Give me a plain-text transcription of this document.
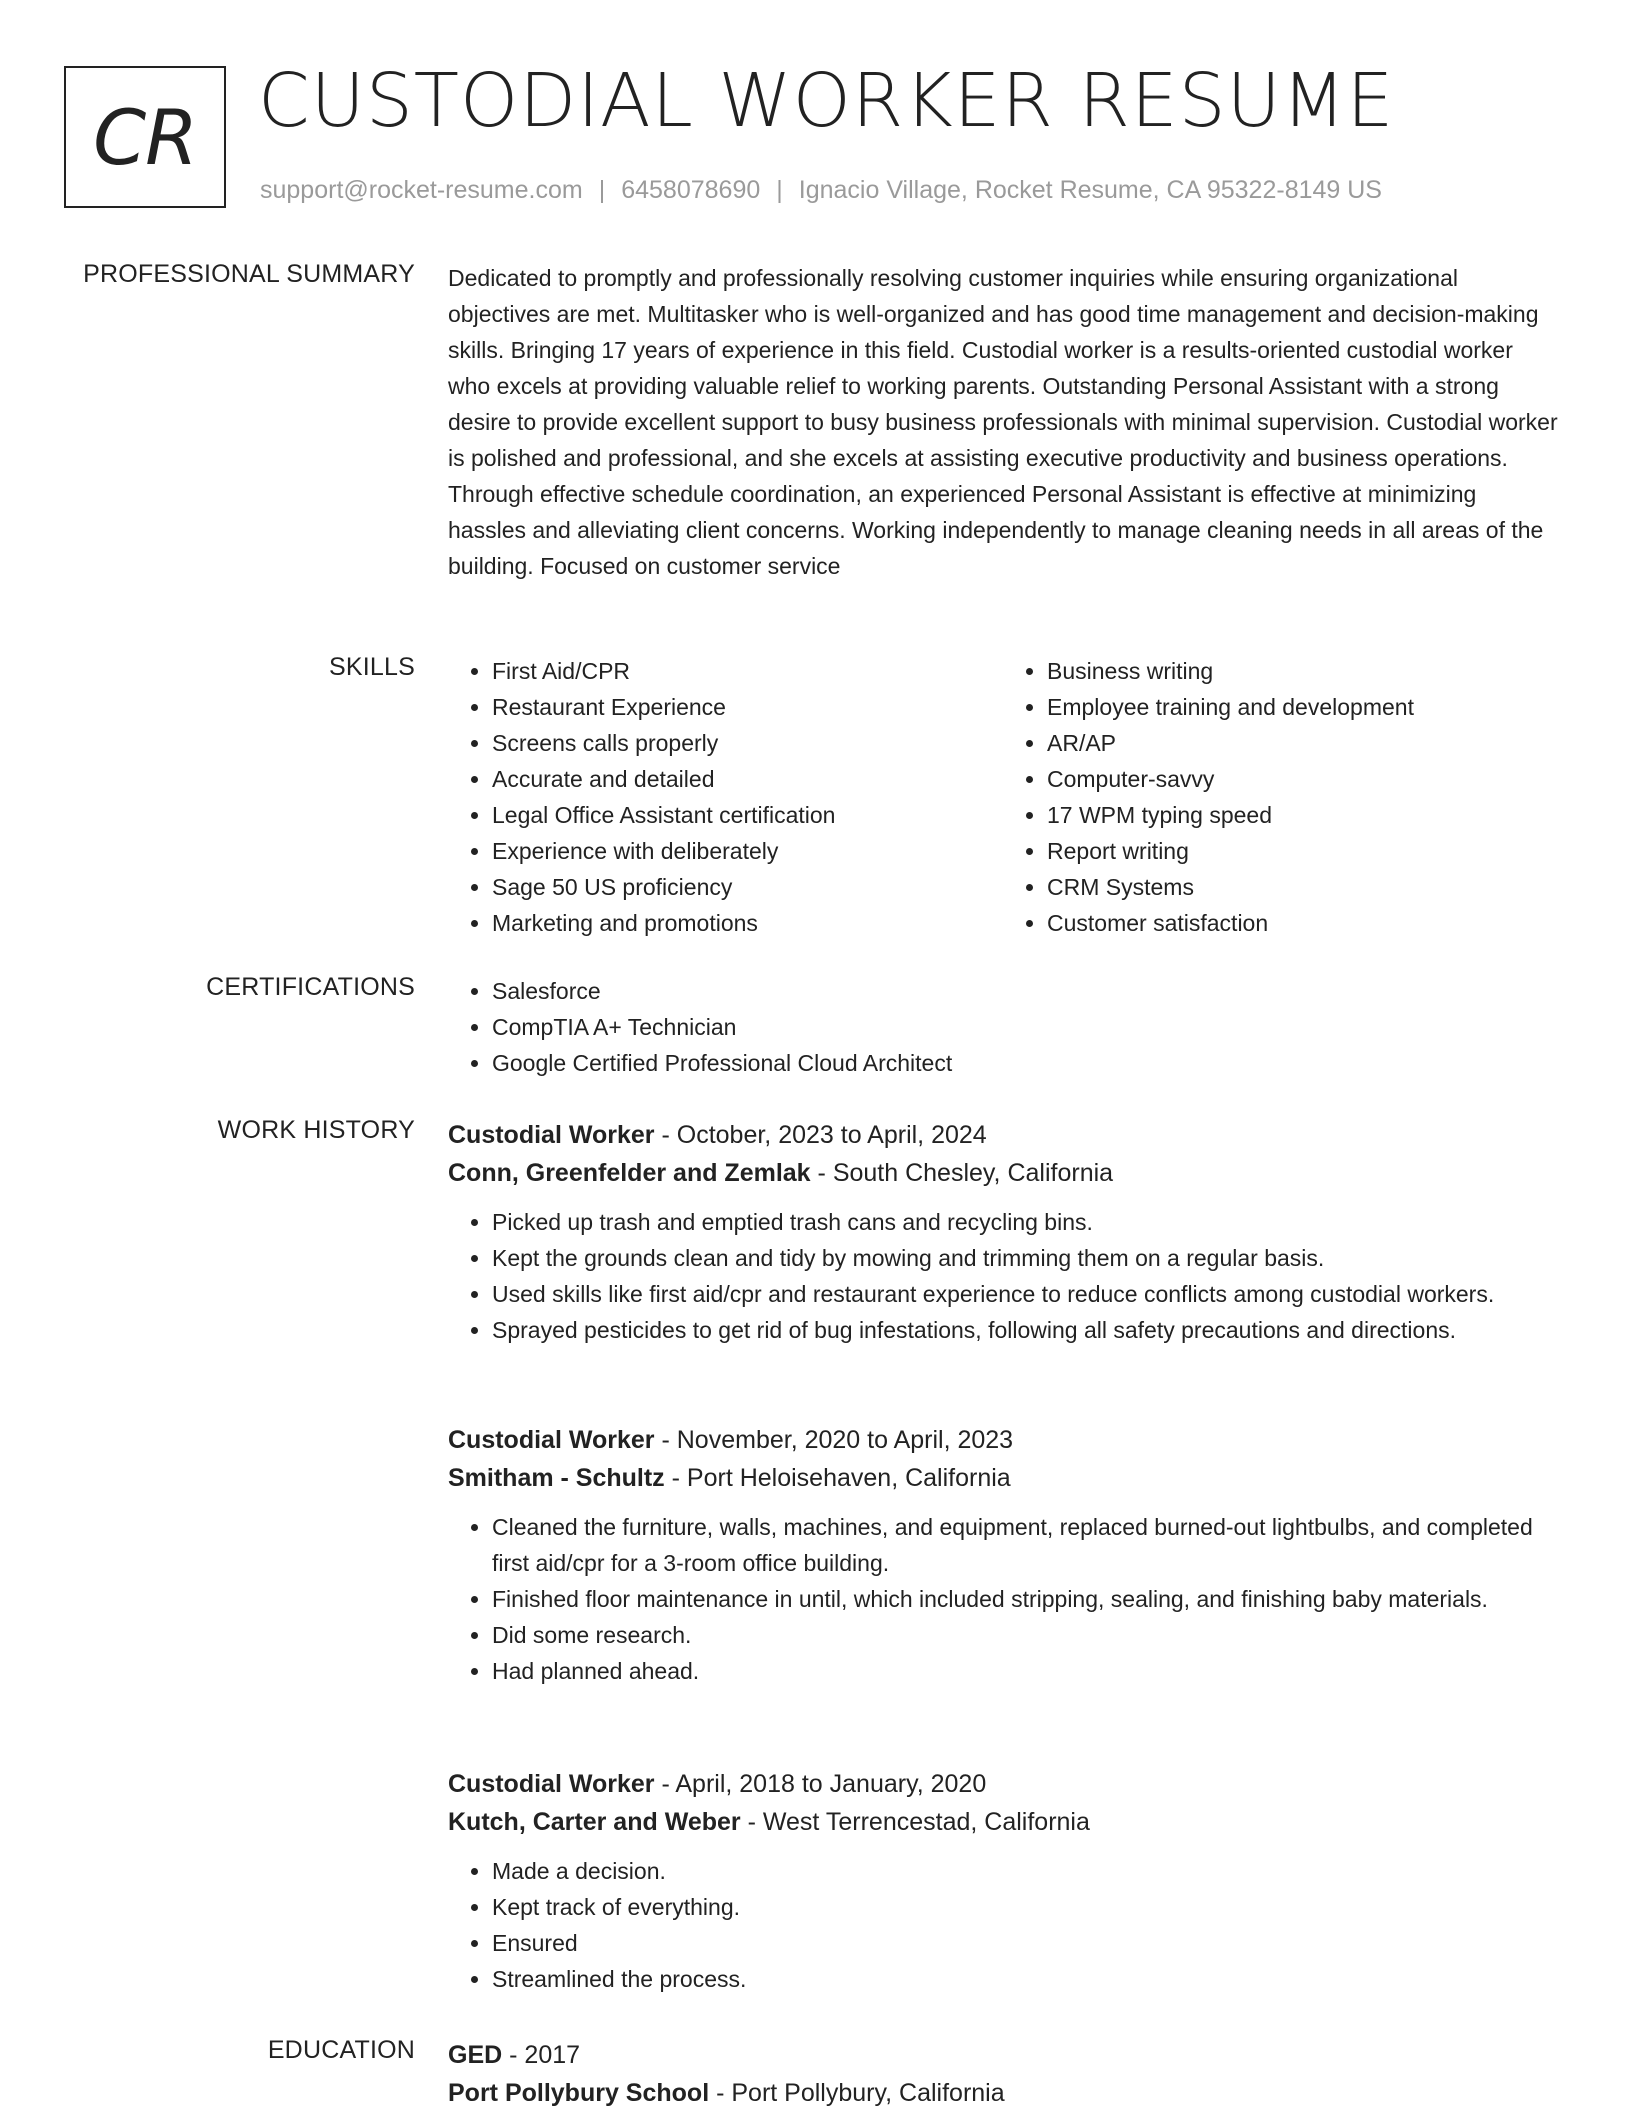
CR CUSTODIAL WORKER RESUME
support@rocket-resume.com | 6458078690 | Ignacio Village, Rocket Resume, CA 95322-8149 US
PROFESSIONAL SUMMARY Dedicated to promptly and professionally resolving customer inquiries while ensuring organizational objectives are met. Multitasker who is well-organized and has good time management and decision-making skills. Bringing 17 years of experience in this field. Custodial worker is a results-oriented custodial worker who excels at providing valuable relief to working parents. Outstanding Personal Assistant with a strong desire to provide excellent support to busy business professionals with minimal supervision. Custodial worker is polished and professional, and she excels at assisting executive productivity and business operations. Through effective schedule coordination, an experienced Personal Assistant is effective at minimizing hassles and alleviating client concerns. Working independently to manage cleaning needs in all areas of the building. Focused on customer service

SKILLS	• First Aid/CPR
• Restaurant Experience
• Screens calls properly
• Accurate and detailed
• Legal Office Assistant certification
• Experience with deliberately
• Sage 50 US proficiency
• Marketing and promotions
• Business writing
• Employee training and development
• AR/AP
• Computer-savvy
• 17 WPM typing speed
• Report writing
• CRM Systems
• Customer satisfaction
CERTIFICATIONS	• Salesforce
• CompTIA A+ Technician
• Google Certified Professional Cloud Architect
WORK HISTORY Custodial Worker - October, 2023 to April, 2024
Conn, Greenfelder and Zemlak - South Chesley, California
• Picked up trash and emptied trash cans and recycling bins.
• Kept the grounds clean and tidy by mowing and trimming them on a regular basis.
• Used skills like first aid/cpr and restaurant experience to reduce conflicts among custodial workers.
• Sprayed pesticides to get rid of bug infestations, following all safety precautions and directions.
Custodial Worker - November, 2020 to April, 2023
Smitham - Schultz - Port Heloisehaven, California
• Cleaned the furniture, walls, machines, and equipment, replaced burned-out lightbulbs, and completed first aid/cpr for a 3-room office building.
• Finished floor maintenance in until, which included stripping, sealing, and finishing baby materials.
• Did some research.
• Had planned ahead.
Custodial Worker - April, 2018 to January, 2020
Kutch, Carter and Weber - West Terrencestad, California
• Made a decision.
• Kept track of everything.
• Ensured
• Streamlined the process.
EDUCATION GED - 2017
Port Pollybury School - Port Pollybury, California
